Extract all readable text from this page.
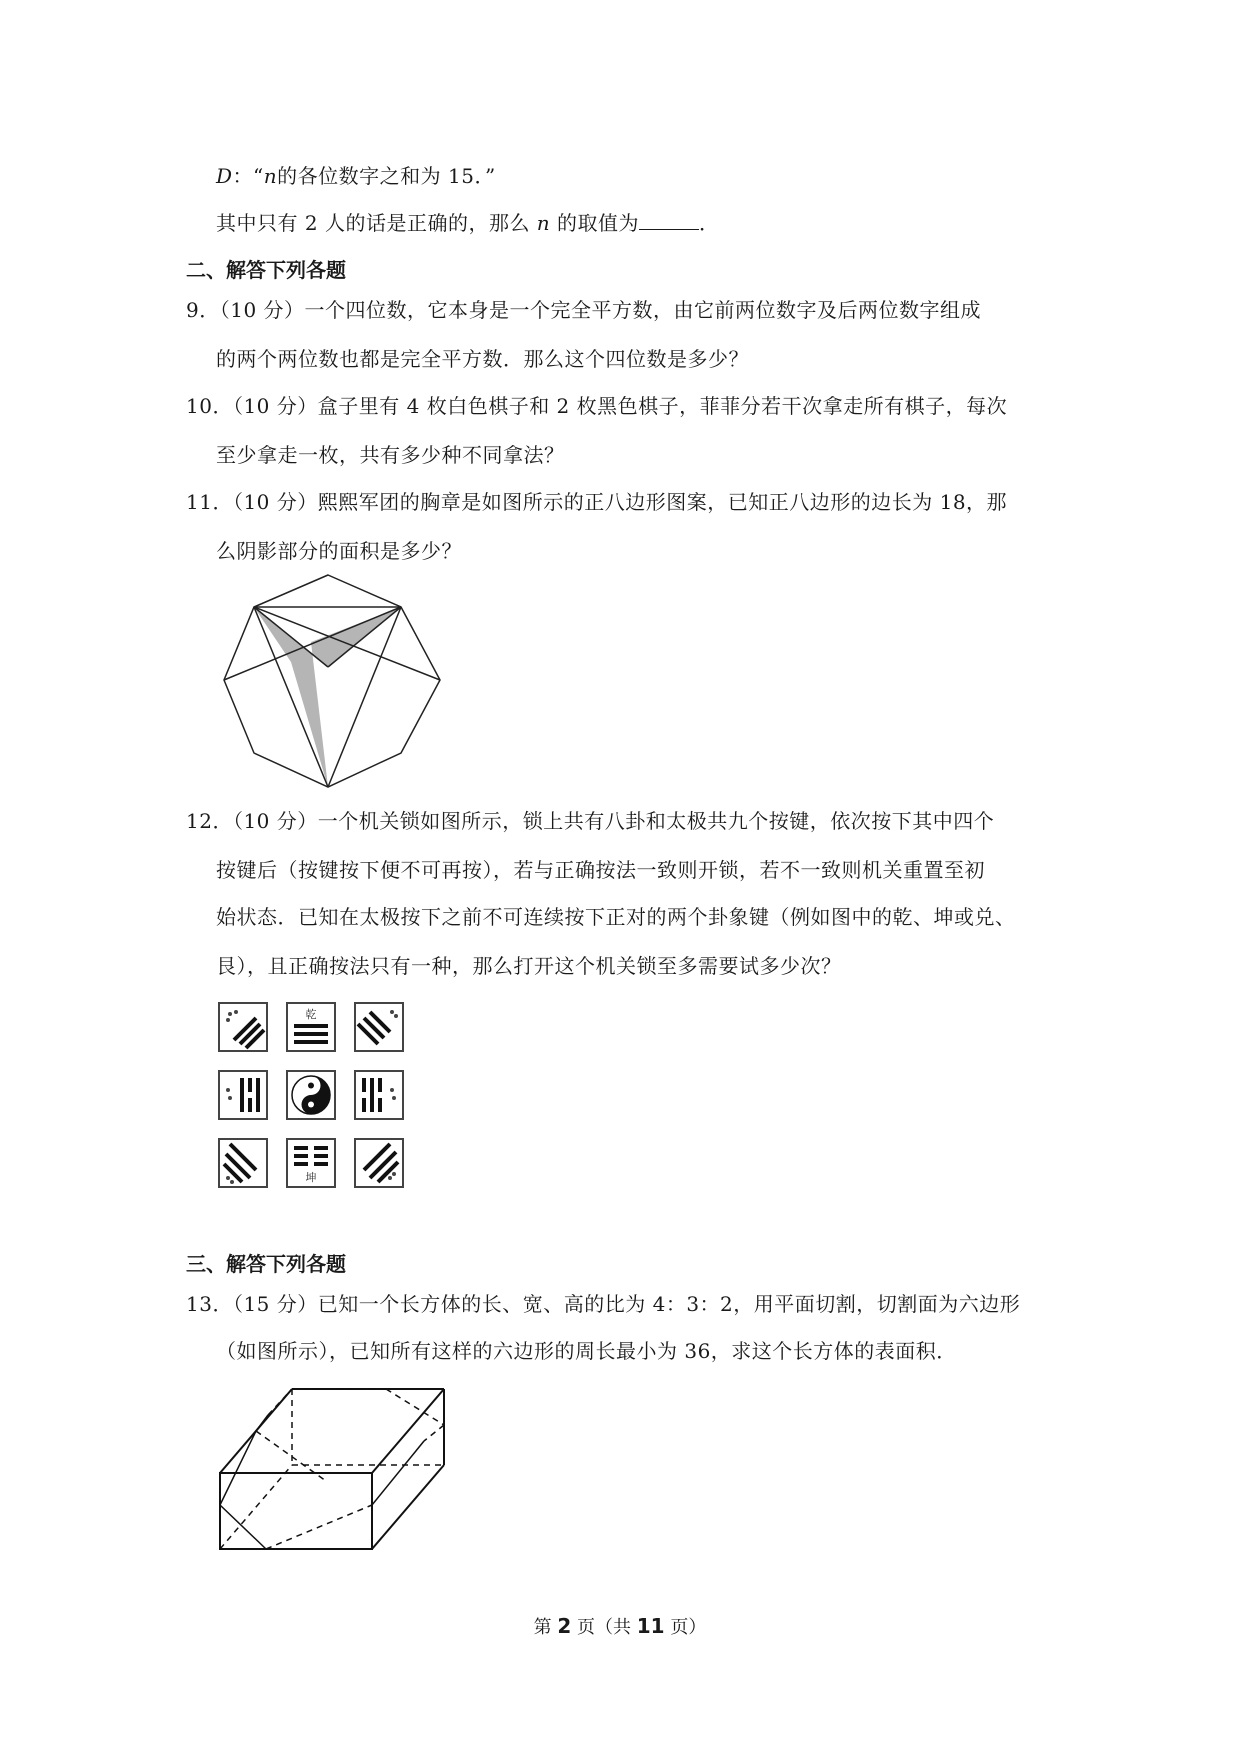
D：“n的各位数字之和为 15．”
其中只有 2 人的话是正确的，那么 n 的取值为	．
二、解答下列各题
9．（10 分）一个四位数，它本身是一个完全平方数，由它前两位数字及后两位数字组成
的两个两位数也都是完全平方数．那么这个四位数是多少？
10．（10 分）盒子里有 4 枚白色棋子和 2 枚黑色棋子，菲菲分若干次拿走所有棋子，每次
至少拿走一枚，共有多少种不同拿法？
11．（10 分）熙熙军团的胸章是如图所示的正八边形图案，已知正八边形的边长为 18，那
么阴影部分的面积是多少？
12．（10 分）一个机关锁如图所示，锁上共有八卦和太极共九个按键，依次按下其中四个
按键后（按键按下便不可再按），若与正确按法一致则开锁，若不一致则机关重置至初
始状态．已知在太极按下之前不可连续按下正对的两个卦象键（例如图中的乾、坤或兑、
艮），且正确按法只有一种，那么打开这个机关锁至多需要试多少次？
乾
坤
三、解答下列各题
13．（15 分）已知一个长方体的长、宽、高的比为 4：3：2，用平面切割，切割面为六边形
（如图所示），已知所有这样的六边形的周长最小为 36，求这个长方体的表面积．
第 2 页（共 11 页）
